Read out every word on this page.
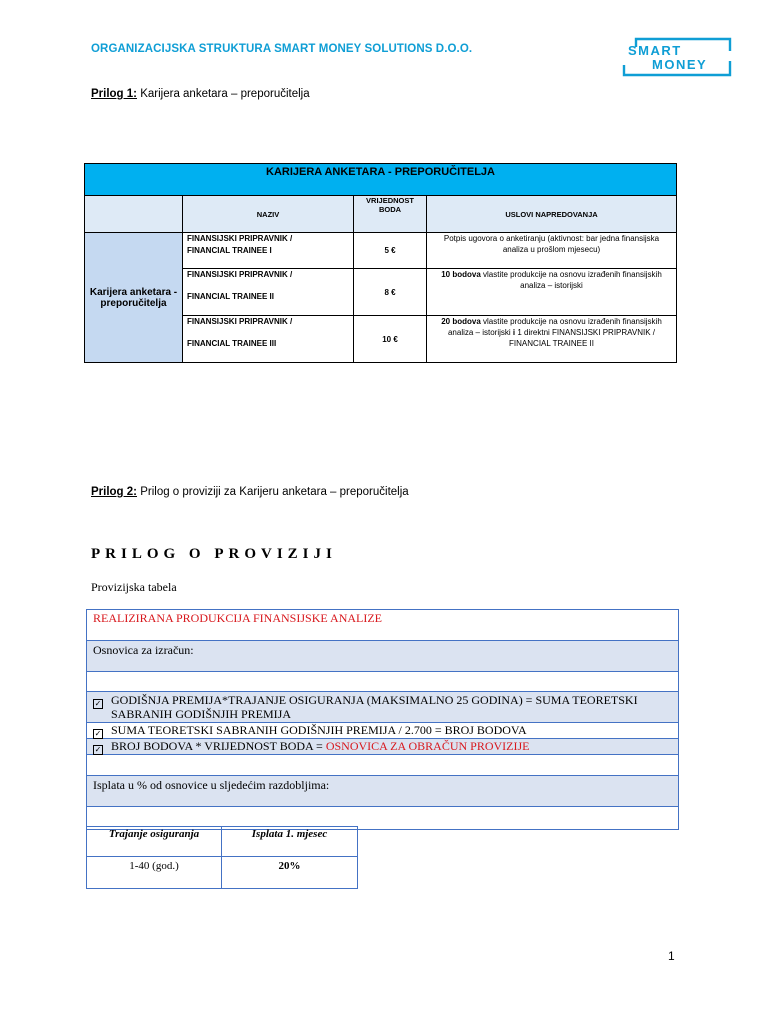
ORGANIZACIJSKA STRUKTURA SMART MONEY SOLUTIONS D.O.O.	SMART
MONEY
Prilog 1: Karijera anketara – preporučitelja
KARIJERA ANKETARA - PREPORUČITELJA			
	NAZIV	VRIJEDNOST BODA	USLOVI NAPREDOVANJA
Karijera anketara - preporučitelja	FINANSIJSKI PRIPRAVNIK /
FINANCIAL TRAINEE I	5 €	Potpis ugovora o anketiranju (aktivnost: bar jedna finansijska analiza u prošlom mjesecu)

	FINANSIJSKI PRIPRAVNIK /
FINANCIAL TRAINEE II	8 €	10 bodova vlastite produkcije na osnovu izrađenih finansijskih analiza – istorijski

	FINANSIJSKI PRIPRAVNIK /
FINANCIAL TRAINEE III	10 €	20 bodova vlastite produkcije na osnovu izrađenih finansijskih analiza – istorijski i 1 direktni FINANSIJSKI PRIPRAVNIK / FINANCIAL TRAINEE II
Prilog 2: Prilog o proviziji za Karijeru anketara – preporučitelja
PRILOG O PROVIZIJI
Provizijska tabela
REALIZIRANA PRODUKCIJA FINANSIJSKE ANALIZE
Osnovica za izračun:
✓ GODIŠNJA PREMIJA*TRAJANJE OSIGURANJA (MAKSIMALNO 25 GODINA) = SUMA TEORETSKI SABRANIH GODIŠNJIH PREMIJA
✓ SUMA TEORETSKI SABRANIH GODIŠNJIH PREMIJA / 2.700 = BROJ BODOVA
✓ BROJ BODOVA * VRIJEDNOST BODA = OSNOVICA ZA OBRAČUN PROVIZIJE
Isplata u % od osnovice u sljedećim razdobljima:
Trajanje osiguranja	Isplata 1. mjesec
1-40 (god.)	20%
1
